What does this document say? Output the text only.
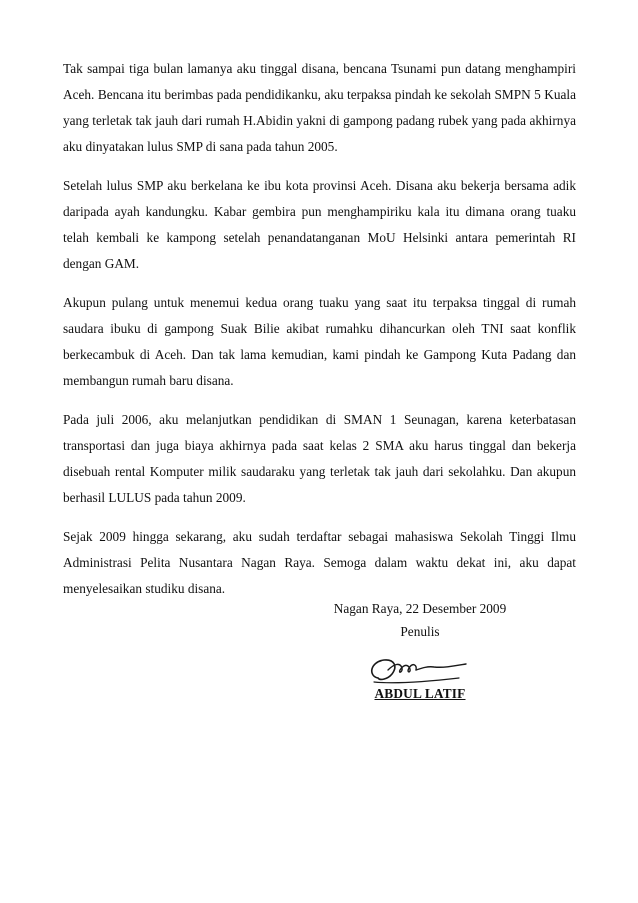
Tak sampai tiga bulan lamanya aku tinggal disana, bencana Tsunami pun datang menghampiri Aceh. Bencana itu berimbas pada pendidikanku, aku terpaksa pindah ke sekolah SMPN 5 Kuala yang terletak tak jauh dari rumah H.Abidin yakni di gampong padang rubek yang pada akhirnya aku dinyatakan lulus SMP di sana pada tahun 2005.

Setelah lulus SMP aku berkelana ke ibu kota provinsi Aceh. Disana aku bekerja bersama adik daripada ayah kandungku. Kabar gembira pun menghampiriku kala itu dimana orang tuaku telah kembali ke kampong setelah penandatanganan MoU Helsinki antara pemerintah RI dengan GAM.

Akupun pulang untuk menemui kedua orang tuaku yang saat itu terpaksa tinggal di rumah saudara ibuku di gampong Suak Bilie akibat rumahku dihancurkan oleh TNI saat konflik berkecambuk di Aceh. Dan tak lama kemudian, kami pindah ke Gampong Kuta Padang dan membangun rumah baru disana.

Pada juli 2006, aku melanjutkan pendidikan di SMAN 1 Seunagan, karena keterbatasan transportasi dan juga biaya akhirnya pada saat kelas 2 SMA aku harus tinggal dan bekerja disebuah rental Komputer milik saudaraku yang terletak tak jauh dari sekolahku. Dan akupun berhasil LULUS pada tahun 2009.

Sejak 2009 hingga sekarang, aku sudah terdaftar sebagai mahasiswa Sekolah Tinggi Ilmu Administrasi Pelita Nusantara Nagan Raya. Semoga dalam waktu dekat ini, aku dapat menyelesaikan studiku disana.

Nagan Raya, 22 Desember 2009
Penulis
ABDUL LATIF
